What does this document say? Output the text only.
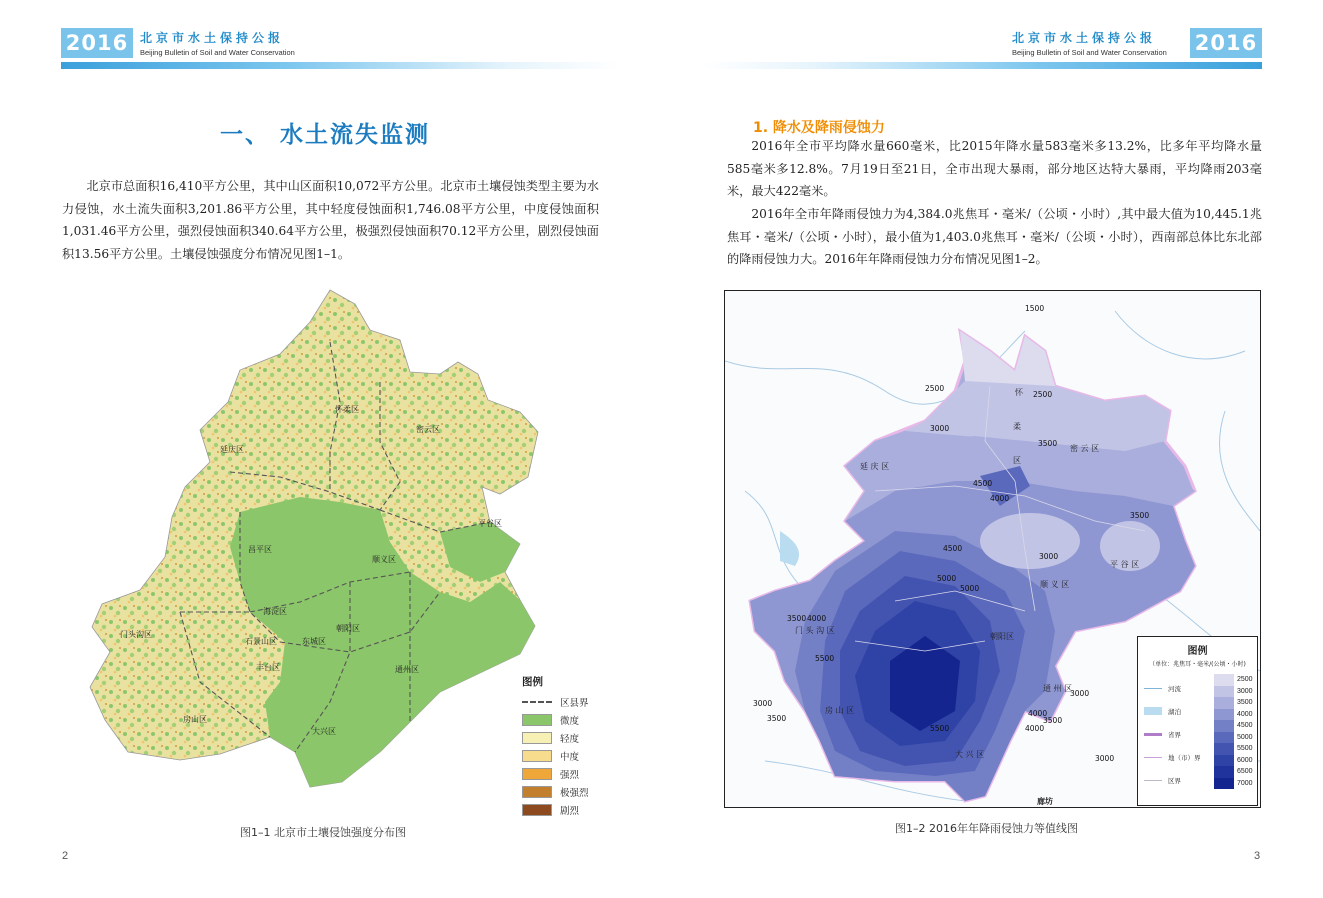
2016 北京市水土保持公报
Beijing Bulletin of Soil and Water Conservation
北京市水土保持公报
Beijing Bulletin of Soil and Water Conservation 2016
一、 水土流失监测

北京市总面积16,410平方公里，其中山区面积10,072平方公里。北京市土壤侵蚀类型主要为水力侵蚀，水土流失面积3,201.86平方公里，其中轻度侵蚀面积1,746.08平方公里，中度侵蚀面积1,031.46平方公里，强烈侵蚀面积340.64平方公里，极强烈侵蚀面积70.12平方公里，剧烈侵蚀面积13.56平方公里。土壤侵蚀强度分布情况见图1–1。

怀柔区
密云区
延庆区
平谷区
昌平区
顺义区
门头沟区
海淀区
石景山区
朝阳区
东城区
丰台区	通州区
房山区
大兴区
图例
区县界
微度
轻度
中度
强烈
极强烈
剧烈
图1–1 北京市土壤侵蚀强度分布图
2
1. 降水及降雨侵蚀力

2016年全市平均降水量660毫米，比2015年降水量583毫米多13.2%，比多年平均降水量585毫米多12.8%。7月19日至21日，全市出现大暴雨，部分地区达特大暴雨，平均降雨203毫米，最大422毫米。

2016年全市年降雨侵蚀力为4,384.0兆焦耳・毫米/（公顷・小时）,其中最大值为10,445.1兆焦耳・毫米/（公顷・小时），最小值为1,403.0兆焦耳・毫米/（公顷・小时），西南部总体比东北部的降雨侵蚀力大。2016年年降雨侵蚀力分布情况见图1–2。

2500
2500
3000
3500
3500
4000
4500
4500
5000
3000
3500 4000
5500
5000
4000
3500
3000
3000
3500
4000
3000
5500
1500
延 庆 区
密 云 区
平 谷 区
顺 义 区
门 头 沟 区
房 山 区
大 兴 区
通 州 区
朝阳区
廊坊
怀
柔
区
图例
（单位：兆焦耳・毫米/(公顷・小时)
河流
湖泊
省界
地（市）界
区界
2500
3000
3500
4000
4500
5000
5500
6000
6500
7000
图1–2 2016年年降雨侵蚀力等值线图
3
